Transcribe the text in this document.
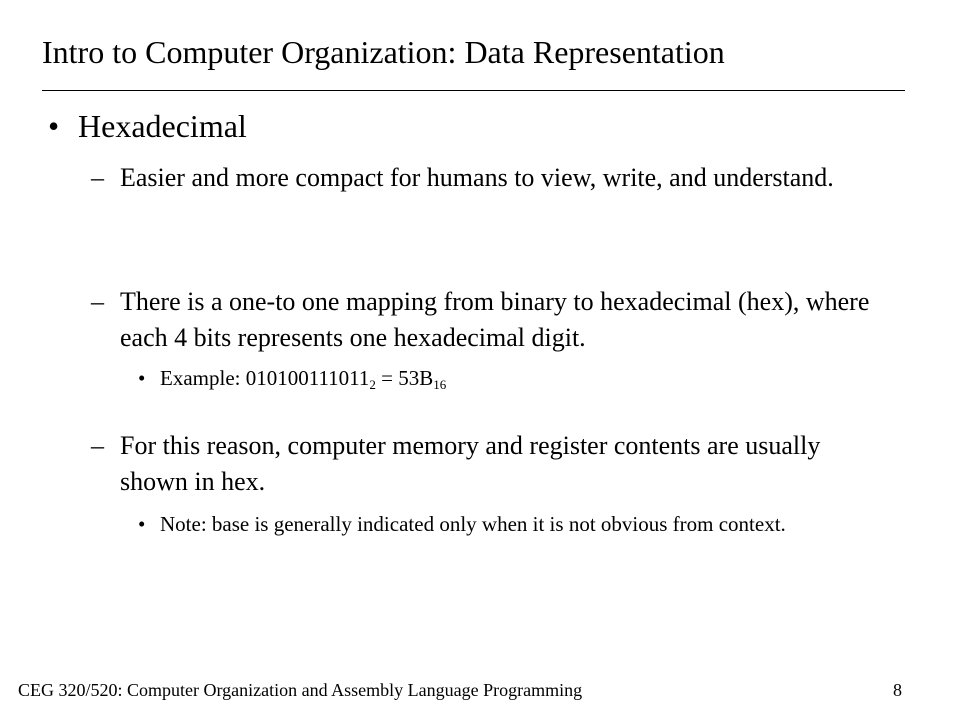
Intro to Computer Organization: Data Representation
• Hexadecimal
– Easier and more compact for humans to view, write, and understand.
– There is a one-to one mapping from binary to hexadecimal (hex), where each 4 bits represents one hexadecimal digit.
• Example: $010100111011_2 = 53B_{16}$
– For this reason, computer memory and register contents are usually shown in hex.
• Note: base is generally indicated only when it is not obvious from context.
CEG 320/520: Computer Organization and Assembly Language Programming	8
